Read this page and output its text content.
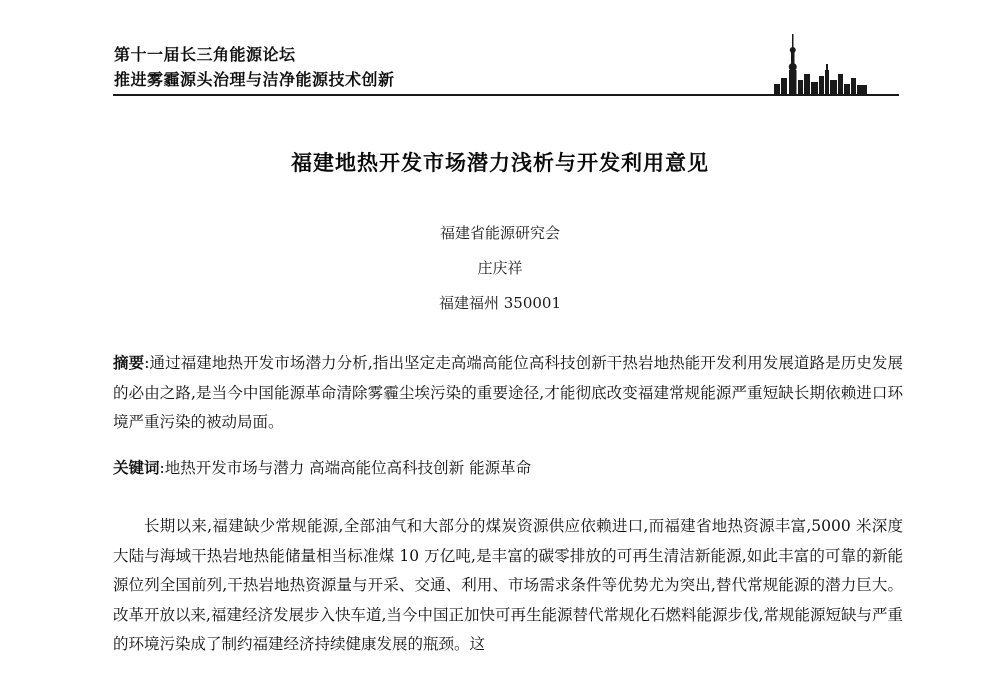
第十一届长三角能源论坛
推进雾霾源头治理与洁净能源技术创新
福建地热开发市场潜力浅析与开发利用意见
福建省能源研究会
庄庆祥
福建福州 350001
摘要:通过福建地热开发市场潜力分析,指出坚定走高端高能位高科技创新干热岩地热能开发利用发展道路是历史发展的必由之路,是当今中国能源革命清除雾霾尘埃污染的重要途径,才能彻底改变福建常规能源严重短缺长期依赖进口环境严重污染的被动局面。
关键词:地热开发市场与潜力 高端高能位高科技创新 能源革命
长期以来,福建缺少常规能源,全部油气和大部分的煤炭资源供应依赖进口,而福建省地热资源丰富,5000 米深度大陆与海域干热岩地热能储量相当标准煤 10 万亿吨,是丰富的碳零排放的可再生清洁新能源,如此丰富的可靠的新能源位列全国前列,干热岩地热资源量与开采、交通、利用、市场需求条件等优势尤为突出,替代常规能源的潜力巨大。改革开放以来,福建经济发展步入快车道,当今中国正加快可再生能源替代常规化石燃料能源步伐,常规能源短缺与严重的环境污染成了制约福建经济持续健康发展的瓶颈。这
